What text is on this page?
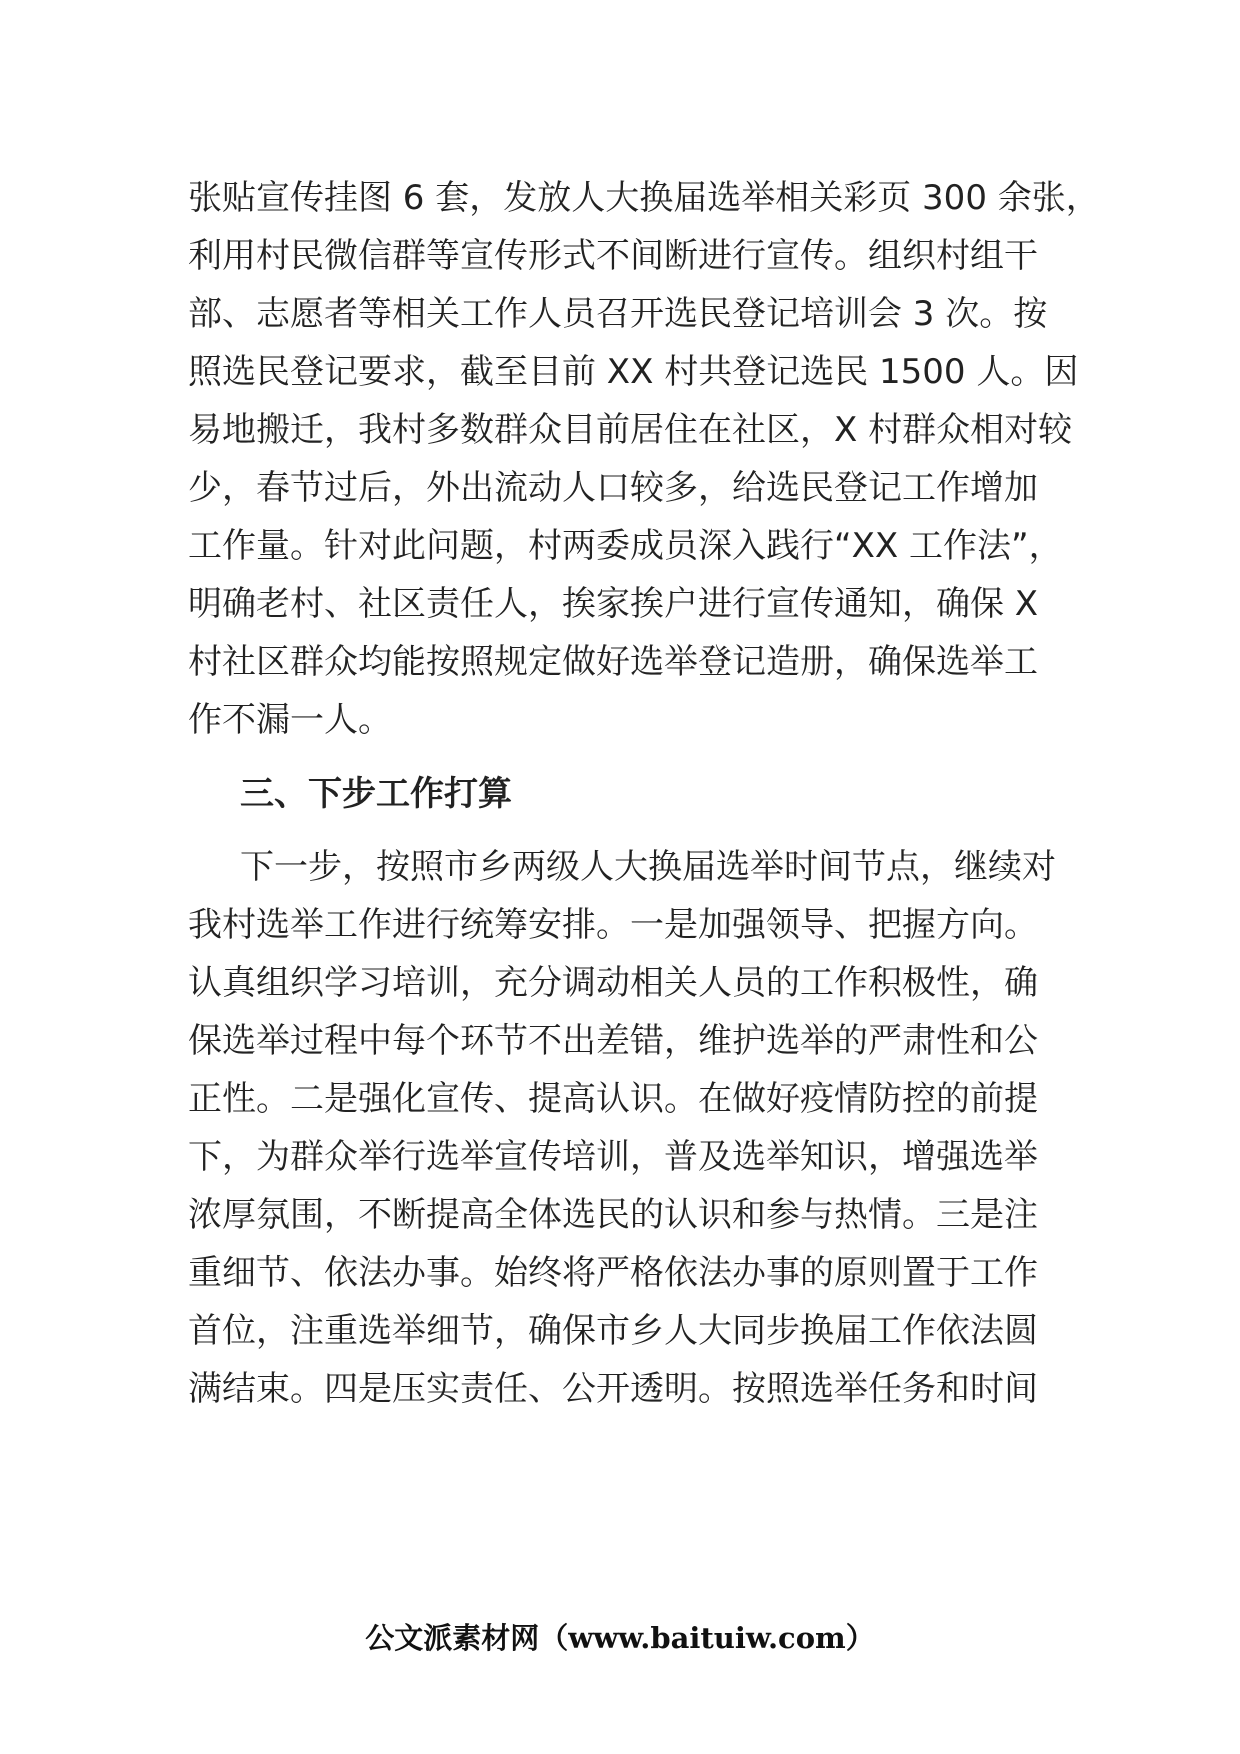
张贴宣传挂图 6 套，发放人大换届选举相关彩页 300 余张，
利用村民微信群等宣传形式不间断进行宣传。组织村组干
部、志愿者等相关工作人员召开选民登记培训会 3 次。按
照选民登记要求，截至目前 XX 村共登记选民 1500 人。因
易地搬迁，我村多数群众目前居住在社区，X 村群众相对较
少，春节过后，外出流动人口较多，给选民登记工作增加
工作量。针对此问题，村两委成员深入践行“XX 工作法”，
明确老村、社区责任人，挨家挨户进行宣传通知，确保 X
村社区群众均能按照规定做好选举登记造册，确保选举工
作不漏一人。
三、下步工作打算
下一步，按照市乡两级人大换届选举时间节点，继续对
我村选举工作进行统筹安排。一是加强领导、把握方向。
认真组织学习培训，充分调动相关人员的工作积极性，确
保选举过程中每个环节不出差错，维护选举的严肃性和公
正性。二是强化宣传、提高认识。在做好疫情防控的前提
下，为群众举行选举宣传培训，普及选举知识，增强选举
浓厚氛围，不断提高全体选民的认识和参与热情。三是注
重细节、依法办事。始终将严格依法办事的原则置于工作
首位，注重选举细节，确保市乡人大同步换届工作依法圆
满结束。四是压实责任、公开透明。按照选举任务和时间
公文派素材网（www.baituiw.com）
